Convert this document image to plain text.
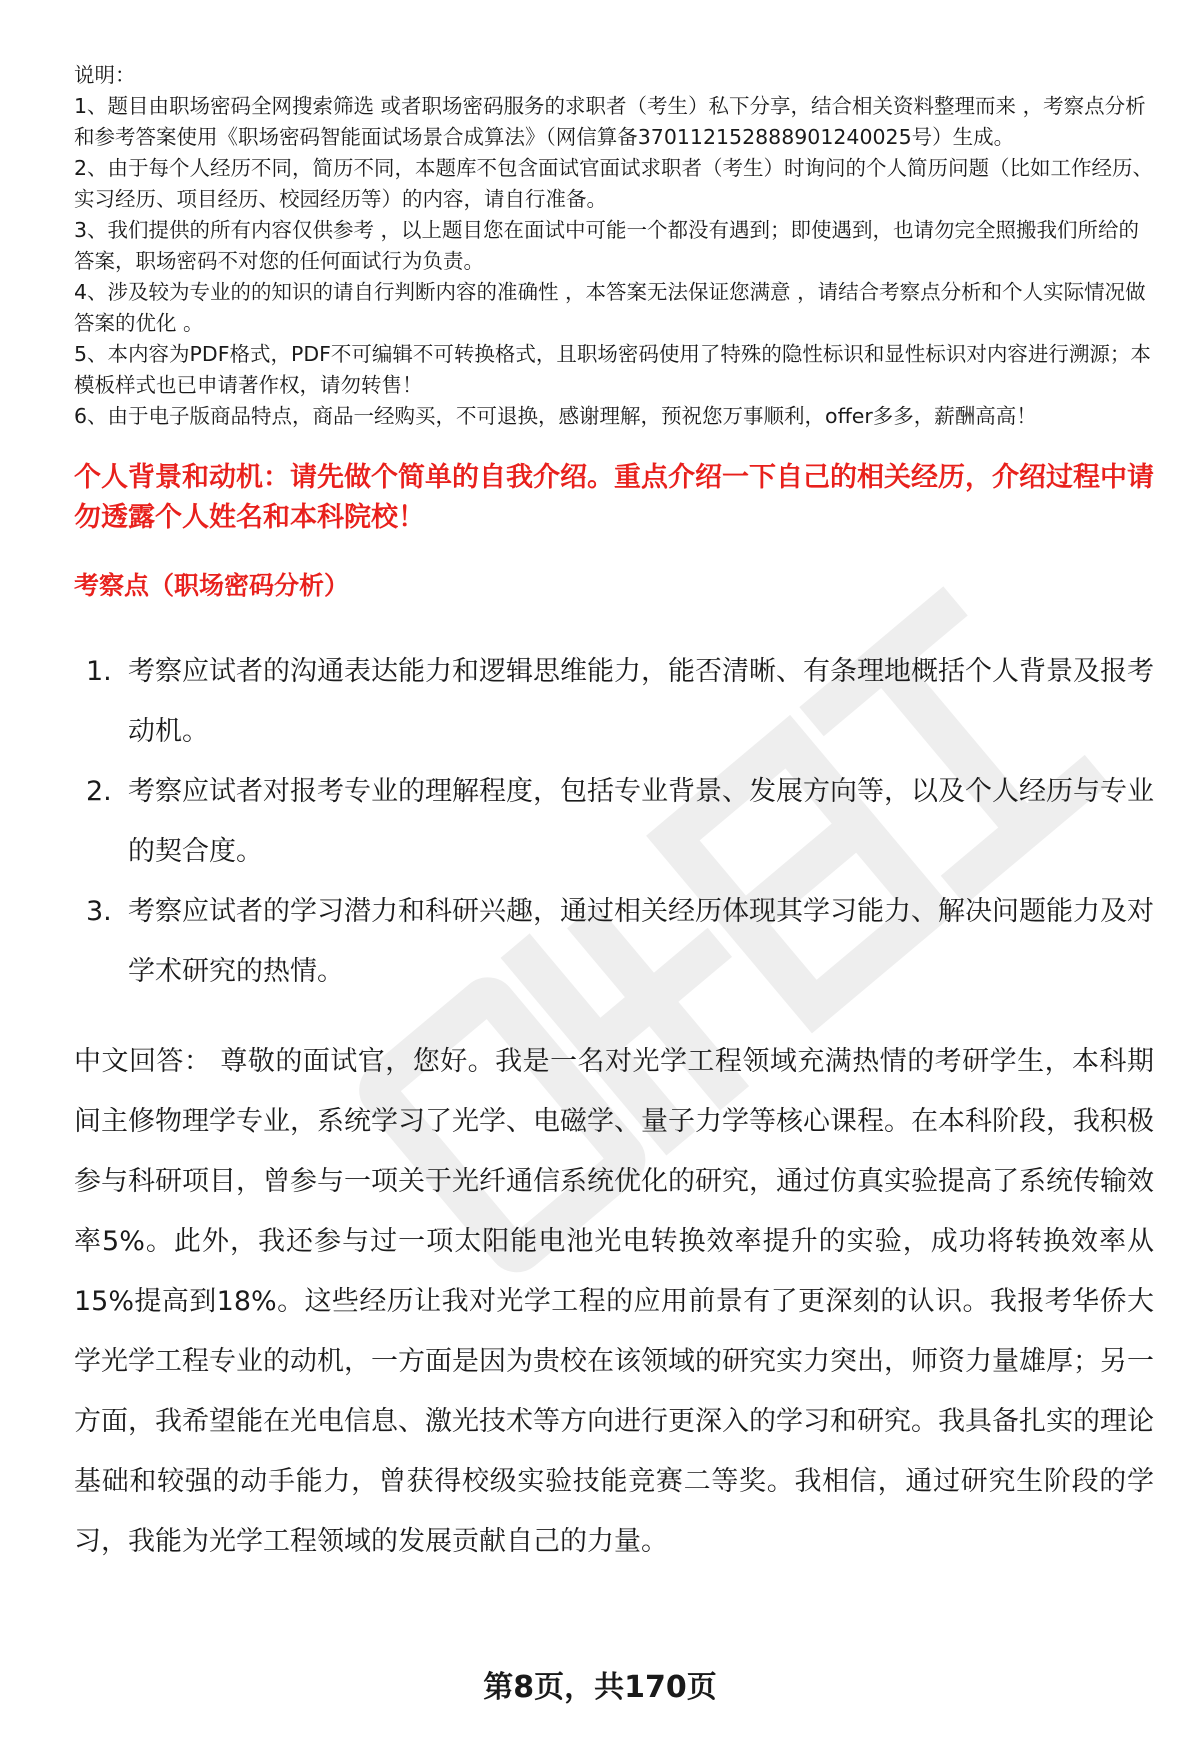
说明：

1、题目由职场密码全网搜索筛选 或者职场密码服务的求职者（考生）私下分享，结合相关资料整理而来 ，考察点分析和参考答案使用《职场密码智能面试场景合成算法》（网信算备370112152888901240025号）生成。

2、由于每个人经历不同，简历不同，本题库不包含面试官面试求职者（考生）时询问的个人简历问题（比如工作经历、实习经历、项目经历、校园经历等）的内容，请自行准备。

3、我们提供的所有内容仅供参考 ，以上题目您在面试中可能一个都没有遇到；即使遇到，也请勿完全照搬我们所给的答案，职场密码不对您的任何面试行为负责。

4、涉及较为专业的的知识的请自行判断内容的准确性 ，本答案无法保证您满意 ，请结合考察点分析和个人实际情况做答案的优化 。

5、本内容为PDF格式，PDF不可编辑不可转换格式，且职场密码使用了特殊的隐性标识和显性标识对内容进行溯源；本模板样式也已申请著作权，请勿转售！

6、由于电子版商品特点，商品一经购买，不可退换，感谢理解，预祝您万事顺利，offer多多，薪酬高高！

个人背景和动机：请先做个简单的自我介绍。重点介绍一下自己的相关经历，介绍过程中请勿透露个人姓名和本科院校！
考察点（职场密码分析）
1. 考察应试者的沟通表达能力和逻辑思维能力，能否清晰、有条理地概括个人背景及报考动机。
2. 考察应试者对报考专业的理解程度，包括专业背景、发展方向等，以及个人经历与专业的契合度。
3. 考察应试者的学习潜力和科研兴趣，通过相关经历体现其学习能力、解决问题能力及对学术研究的热情。
中文回答： 尊敬的面试官，您好。我是一名对光学工程领域充满热情的考研学生，本科期间主修物理学专业，系统学习了光学、电磁学、量子力学等核心课程。在本科阶段，我积极参与科研项目，曾参与一项关于光纤通信系统优化的研究，通过仿真实验提高了系统传输效率5%。此外，我还参与过一项太阳能电池光电转换效率提升的实验，成功将转换效率从15%提高到18%。这些经历让我对光学工程的应用前景有了更深刻的认识。我报考华侨大学光学工程专业的动机，一方面是因为贵校在该领域的研究实力突出，师资力量雄厚；另一方面，我希望能在光电信息、激光技术等方向进行更深入的学习和研究。我具备扎实的理论基础和较强的动手能力，曾获得校级实验技能竞赛二等奖。我相信，通过研究生阶段的学习，我能为光学工程领域的发展贡献自己的力量。
第8页，共170页
